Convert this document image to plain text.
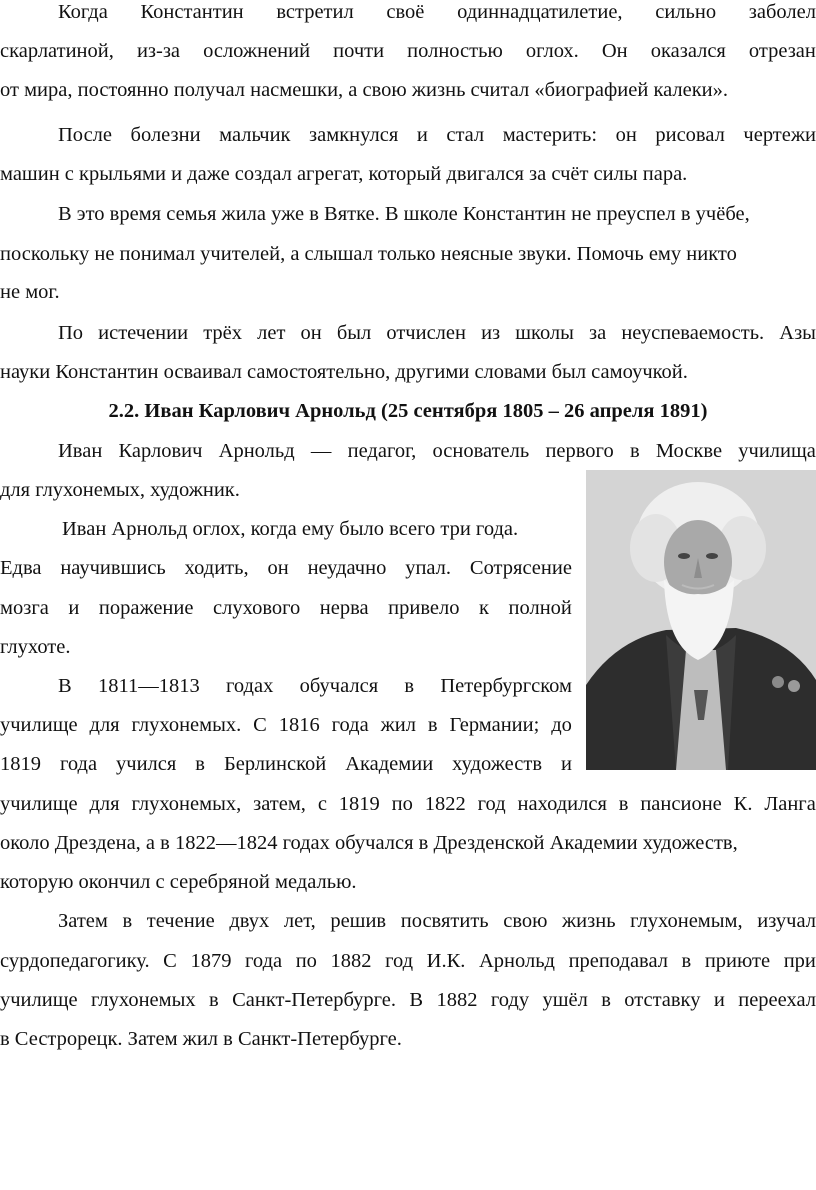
Когда Константин встретил своё одиннадцатилетие, сильно заболел
скарлатиной, из-за осложнений почти полностью оглох. Он оказался отрезан
от мира, постоянно получал насмешки, а свою жизнь считал «биографией калеки».
После болезни мальчик замкнулся и стал мастерить: он рисовал чертежи
машин с крыльями и даже создал агрегат, который двигался за счёт силы пара.
В это время семья жила уже в Вятке. В школе Константин не преуспел в учёбе,
поскольку не понимал учителей, а слышал только неясные звуки. Помочь ему никто
не мог.
По истечении трёх лет он был отчислен из школы за неуспеваемость. Азы
науки Константин осваивал самостоятельно, другими словами был самоучкой.
2.2. Иван Карлович Арнольд (25 сентября 1805 – 26 апреля 1891)
Иван Карлович Арнольд — педагог, основатель первого в Москве училища
для глухонемых, художник.
Иван Арнольд оглох, когда ему было всего три года.
Едва научившись ходить, он неудачно упал. Сотрясение
мозга и поражение слухового нерва привело к полной
глухоте.
В 1811—1813 годах обучался в Петербургском
училище для глухонемых. С 1816 года жил в Германии; до
1819 года учился в Берлинской Академии художеств и
училище для глухонемых, затем, с 1819 по 1822 год находился в пансионе К. Ланга
около Дрездена, а в 1822—1824 годах обучался в Дрезденской Академии художеств,
которую окончил с серебряной медалью.
Затем в течение двух лет, решив посвятить свою жизнь глухонемым, изучал
сурдопедагогику. С 1879 года по 1882 год И.К. Арнольд преподавал в приюте при
училище глухонемых в Санкт-Петербурге. В 1882 году ушёл в отставку и переехал
в Сестрорецк. Затем жил в Санкт-Петербурге.
